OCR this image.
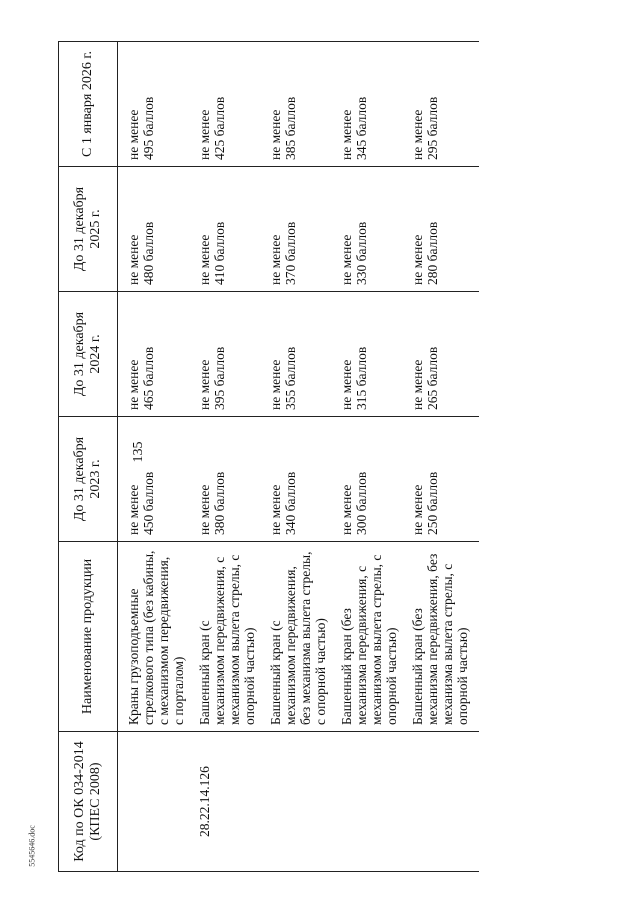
135
Код по ОК 034-2014 (КПЕС 2008)	Наименование продукции	До 31 декабря 2023 г.	До 31 декабря 2024 г.	До 31 декабря 2025 г.	С 1 января 2026 г.
	Краны грузоподъемные стрелкового типа (без кабины, с механизмом передвижения, с порталом)	не менее 450 баллов	не менее 465 баллов	не менее 480 баллов	не менее 495 баллов

28.22.14.126	Башенный кран (с механизмом передвижения, с механизмом вылета стрелы, с опорной частью)	не менее 380 баллов	не менее 395 баллов	не менее 410 баллов	не менее 425 баллов

	Башенный кран (с механизмом передвижения, без механизма вылета стрелы, с опорной частью)	не менее 340 баллов	не менее 355 баллов	не менее 370 баллов	не менее 385 баллов

	Башенный кран (без механизма передвижения, с механизмом вылета стрелы, с опорной частью)	не менее 300 баллов	не менее 315 баллов	не менее 330 баллов	не менее 345 баллов

	Башенный кран (без механизма передвижения, без механизма вылета стрелы, с опорной частью)	не менее 250 баллов	не менее 265 баллов	не менее 280 баллов	не менее 295 баллов
5545646.doc
